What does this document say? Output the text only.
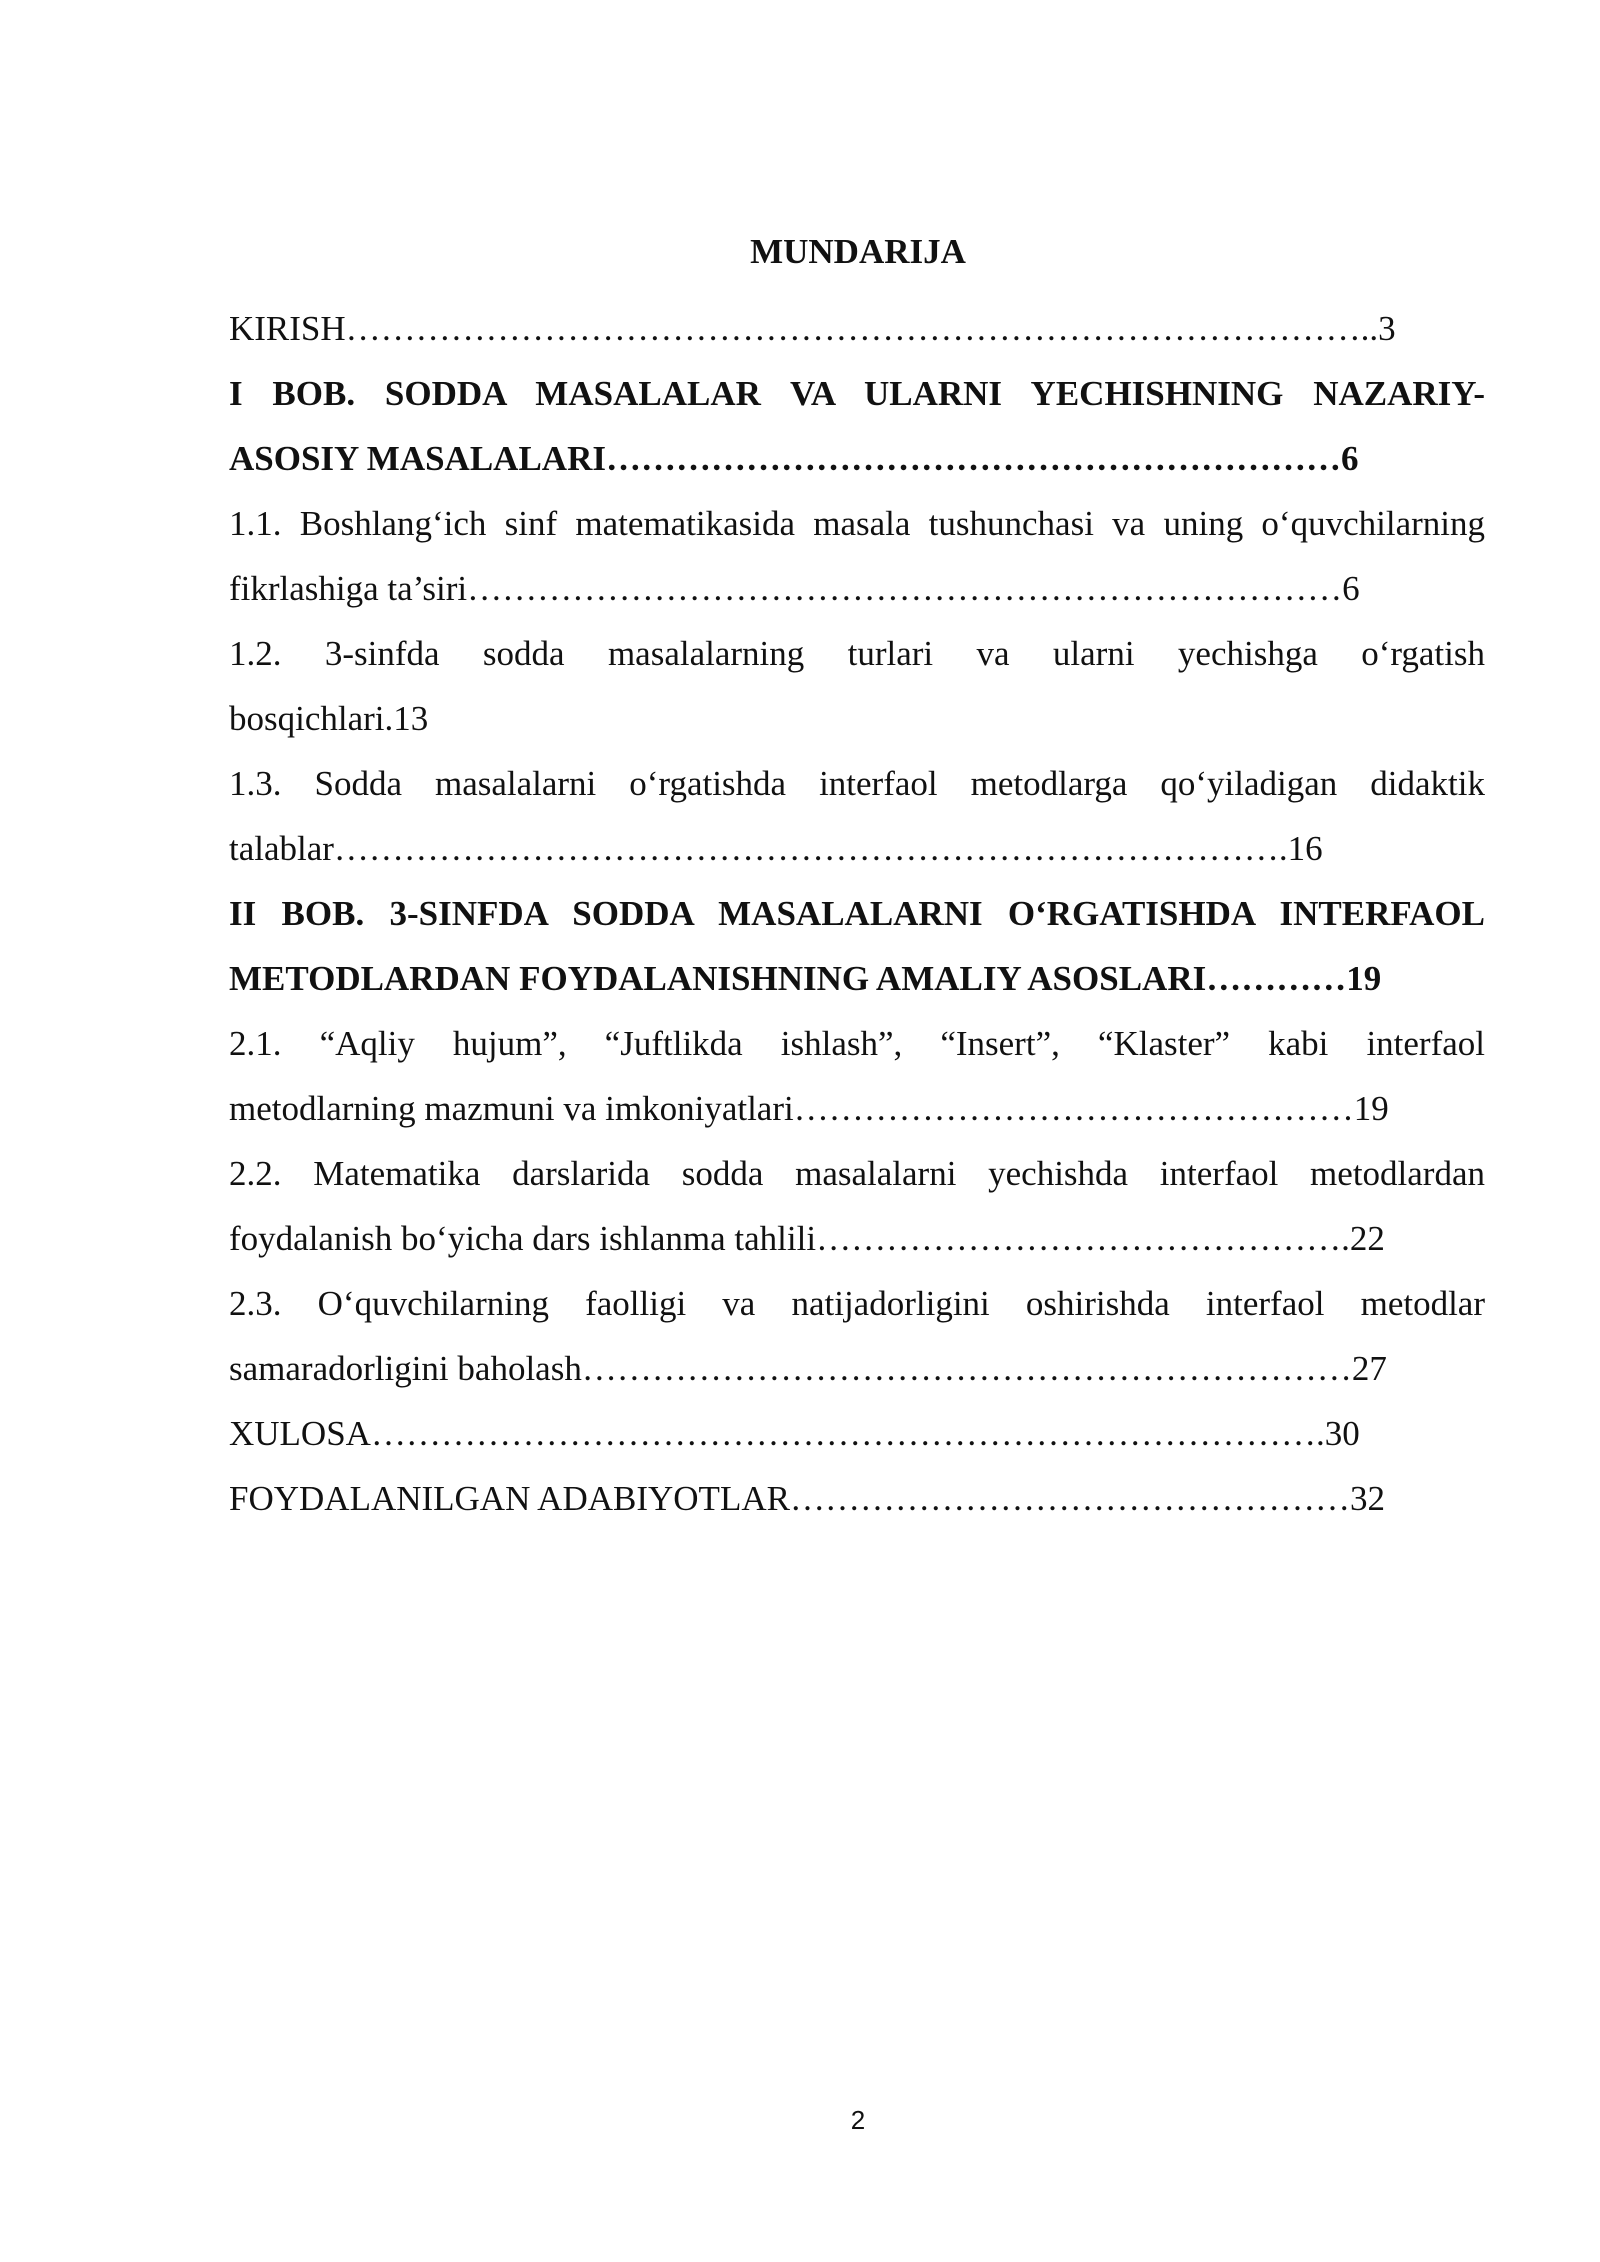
MUNDARIJA
KIRISH……………………………………………………………………………..3
I BOB. SODDA MASALALAR VA ULARNI YECHISHNING NAZARIY-
ASOSIY MASALALARI………………………………………………………6
1.1. Boshlang‘ich sinf matematikasida masala tushunchasi va uning o‘quvchilarning
fikrlashiga ta’siri…………………………………………………………………6
1.2. 3-sinfda sodda masalalarning turlari va ularni yechishga o‘rgatish
bosqichlari.13
1.3. Sodda masalalarni o‘rgatishda interfaol metodlarga qo‘yiladigan didaktik
talablar……………………………………………………………………….16
II BOB. 3-SINFDA SODDA MASALALARNI O‘RGATISHDA INTERFAOL
METODLARDAN FOYDALANISHNING AMALIY ASOSLARI…………19
2.1. “Aqliy hujum”, “Juftlikda ishlash”, “Insert”, “Klaster” kabi interfaol
metodlarning mazmuni va imkoniyatlari…………………………………………19
2.2. Matematika darslarida sodda masalalarni yechishda interfaol metodlardan
foydalanish bo‘yicha dars ishlanma tahlili……………………………………….22
2.3. O‘quvchilarning faolligi va natijadorligini oshirishda interfaol metodlar
samaradorligini baholash…………………………………………………………27
XULOSA……………………………………………………………………….30
FOYDALANILGAN ADABIYOTLAR…………………………………………32
2
